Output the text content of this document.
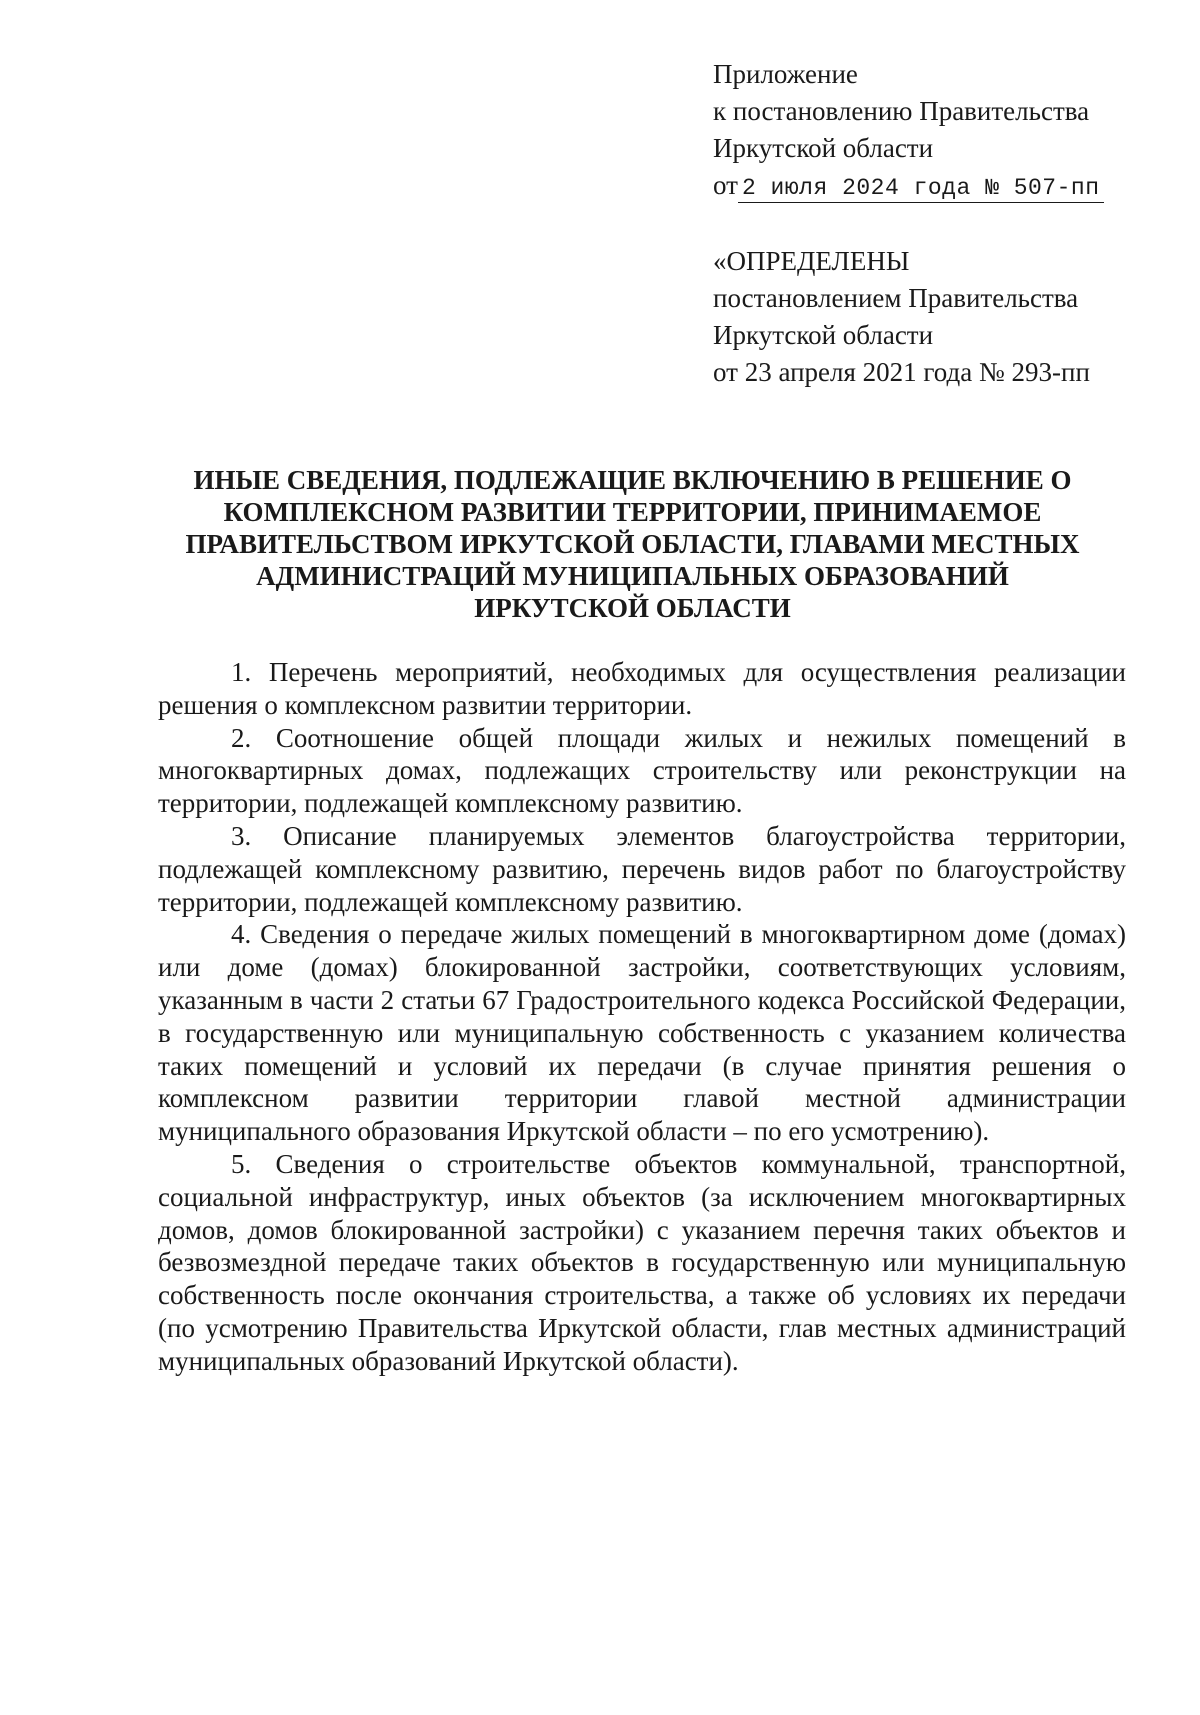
Приложение
к постановлению Правительства
Иркутской области
от 2 июля 2024 года № 507-пп
«ОПРЕДЕЛЕНЫ
постановлением Правительства
Иркутской области
от 23 апреля 2021 года № 293-пп
ИНЫЕ СВЕДЕНИЯ, ПОДЛЕЖАЩИЕ ВКЛЮЧЕНИЮ В РЕШЕНИЕ О
КОМПЛЕКСНОМ РАЗВИТИИ ТЕРРИТОРИИ, ПРИНИМАЕМОЕ
ПРАВИТЕЛЬСТВОМ ИРКУТСКОЙ ОБЛАСТИ, ГЛАВАМИ МЕСТНЫХ
АДМИНИСТРАЦИЙ МУНИЦИПАЛЬНЫХ ОБРАЗОВАНИЙ
ИРКУТСКОЙ ОБЛАСТИ

1. Перечень мероприятий, необходимых для осуществления реализации решения о комплексном развитии территории.

2. Соотношение общей площади жилых и нежилых помещений в многоквартирных домах, подлежащих строительству или реконструкции на территории, подлежащей комплексному развитию.

3. Описание планируемых элементов благоустройства территории, подлежащей комплексному развитию, перечень видов работ по благоустройству территории, подлежащей комплексному развитию.

4. Сведения о передаче жилых помещений в многоквартирном доме (домах) или доме (домах) блокированной застройки, соответствующих условиям, указанным в части 2 статьи 67 Градостроительного кодекса Российской Федерации, в государственную или муниципальную собственность с указанием количества таких помещений и условий их передачи (в случае принятия решения о комплексном развитии территории главой местной администрации муниципального образования Иркутской области – по его усмотрению).

5. Сведения о строительстве объектов коммунальной, транспортной, социальной инфраструктур, иных объектов (за исключением многоквартирных домов, домов блокированной застройки) с указанием перечня таких объектов и безвозмездной передаче таких объектов в государственную или муниципальную собственность после окончания строительства, а также об условиях их передачи (по усмотрению Правительства Иркутской области, глав местных администраций муниципальных образований Иркутской области).
